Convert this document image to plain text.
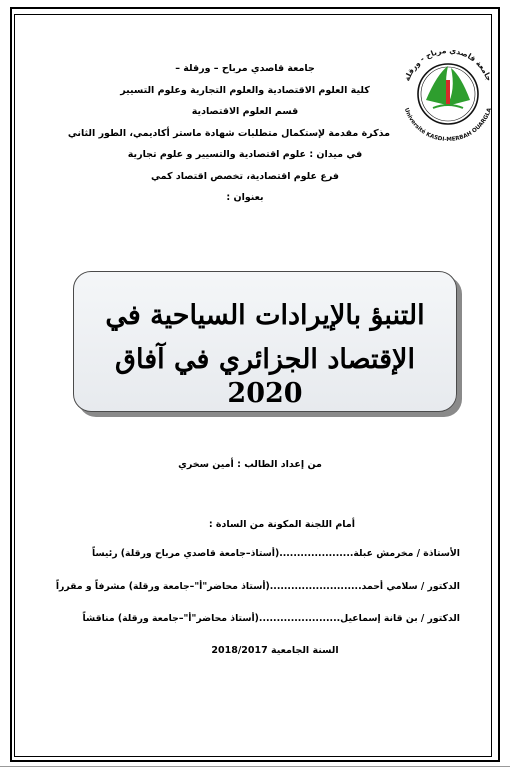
جامعة قاصدي مرباح - ورقلة
Université KASDI-MERBAH OUARGLA
جامعة قاصدي مرباح – ورقلة –
كلية العلوم الاقتصادية والعلوم التجارية وعلوم التسيير
قسم العلوم الاقتصادية
مذكرة مقدمة لإستكمال متطلبات شهادة ماستر أكاديمي، الطور الثاني
في ميدان : علوم اقتصادية والتسيير و علوم تجارية
فرع علوم اقتصادية، تخصص اقتصاد كمي
بعنوان :
التنبؤ بالإيرادات السياحية في
الإقتصاد الجزائري في آفاق 2020
من إعداد الطالب : أمين سخري
أمام اللجنة المكونة من السادة :
الأستاذة / مخرمش عبلة.....................(أستاذ–جامعة قاصدي مرباح ورقلة) رئيساً
الدكتور / سلامي أحمد..........................(أستاذ محاضر"أ"–جامعة ورقلة) مشرفاً و مقرراً
الدكتور / بن قانة إسماعيل.......................(أستاذ محاضر"أ"–جامعة ورقلة) مناقشاً
السنة الجامعية 2018/2017
